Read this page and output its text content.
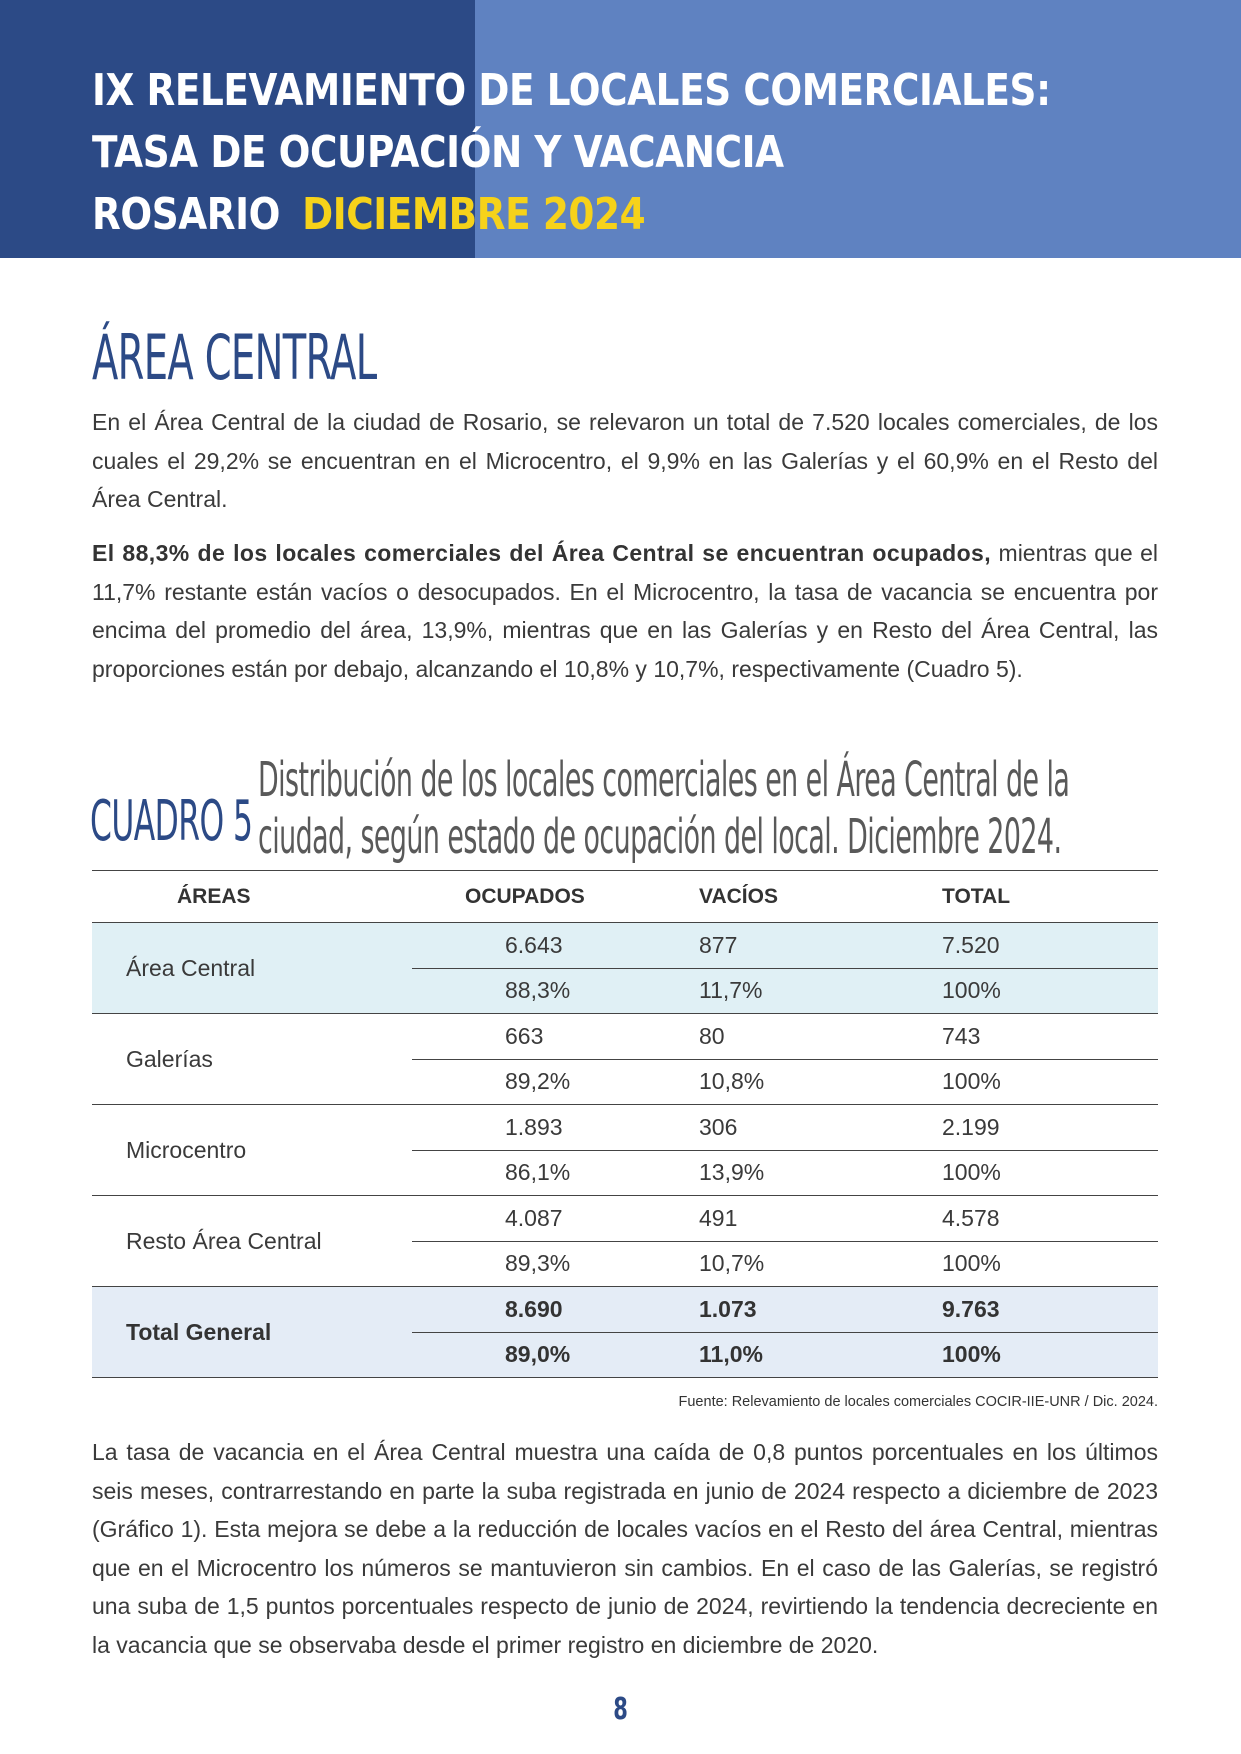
IX RELEVAMIENTO DE LOCALES COMERCIALES:
TASA DE OCUPACIÓN Y VACANCIA
ROSARIO DICIEMBRE 2024
ÁREA CENTRAL

En el Área Central de la ciudad de Rosario, se relevaron un total de 7.520 locales comerciales, de los cuales el 29,2% se encuentran en el Microcentro, el 9,9% en las Galerías y el 60,9% en el Resto del Área Central.

El 88,3% de los locales comerciales del Área Central se encuentran ocupados, mientras que el 11,7% restante están vacíos o desocupados. En el Microcentro, la tasa de vacancia se encuentra por encima del promedio del área, 13,9%, mientras que en las Galerías y en Resto del Área Central, las proporciones están por debajo, alcanzando el 10,8% y 10,7%, respectivamente (Cuadro 5).

CUADRO 5
Distribución de los locales comerciales en el Área Central de la
ciudad, según estado de ocupación del local. Diciembre 2024.
ÁREAS	OCUPADOS	VACÍOS	TOTAL
Área Central	6.643	877	7.520
	88,3%	11,7%	100%
Galerías	663	80	743
	89,2%	10,8%	100%
Microcentro	1.893	306	2.199
	86,1%	13,9%	100%
Resto Área Central	4.087	491	4.578
	89,3%	10,7%	100%
Total General	8.690	1.073	9.763
	89,0%	11,0%	100%

Fuente: Relevamiento de locales comerciales COCIR-IIE-UNR / Dic. 2024.

La tasa de vacancia en el Área Central muestra una caída de 0,8 puntos porcentuales en los últimos seis meses, contrarrestando en parte la suba registrada en junio de 2024 respecto a diciembre de 2023 (Gráfico 1). Esta mejora se debe a la reducción de locales vacíos en el Resto del área Central, mientras que en el Microcentro los números se mantuvieron sin cambios. En el caso de las Galerías, se registró una suba de 1,5 puntos porcentuales respecto de junio de 2024, revirtiendo la tendencia decreciente en la vacancia que se observaba desde el primer registro en diciembre de 2020.

8
